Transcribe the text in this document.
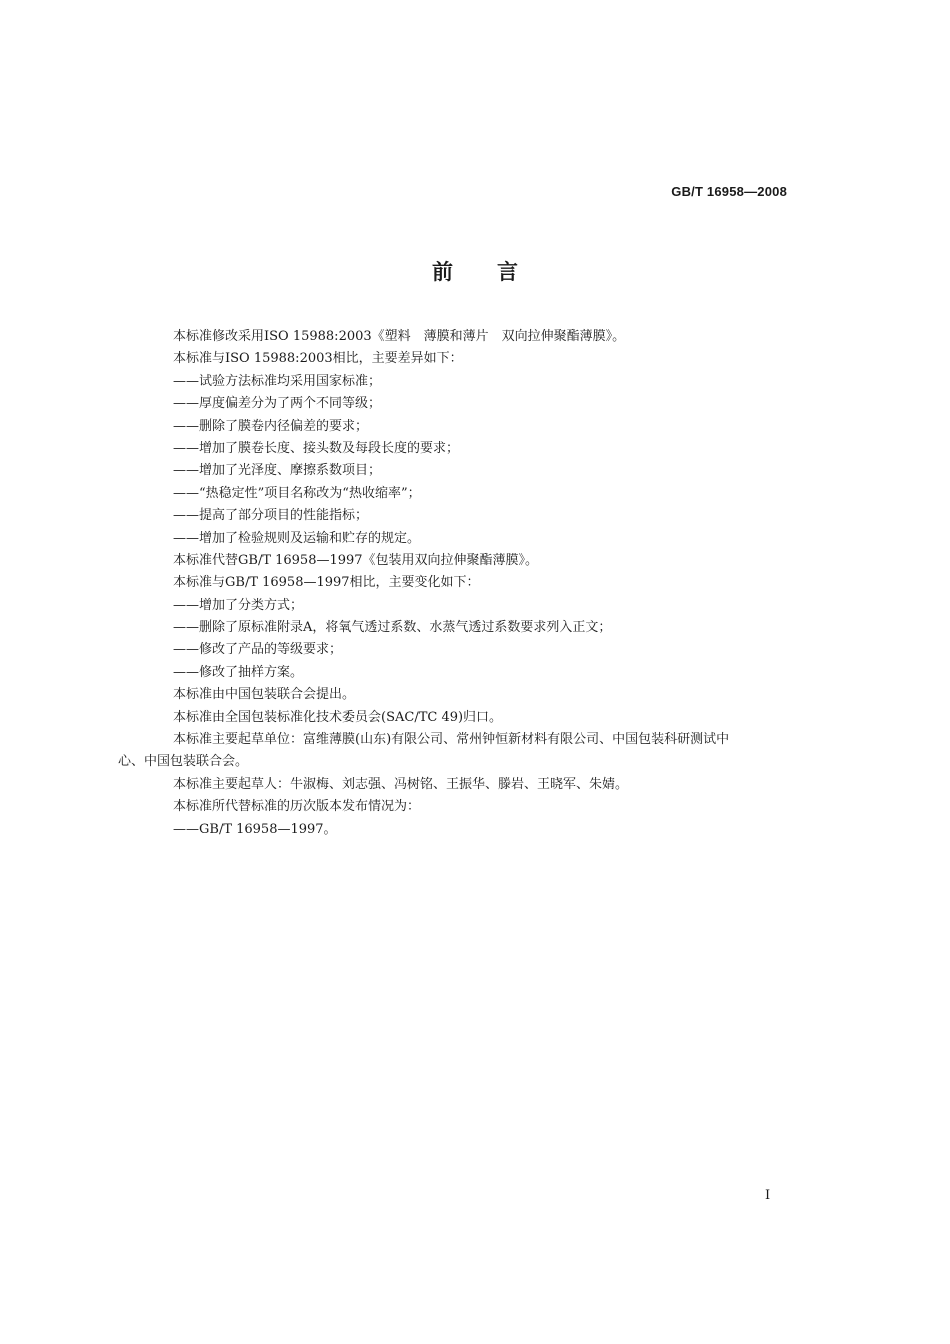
GB/T 16958—2008
前言
本标准修改采用ISO 15988:2003《塑料　薄膜和薄片　双向拉伸聚酯薄膜》。
本标准与ISO 15988:2003相比，主要差异如下：
——试验方法标准均采用国家标准；
——厚度偏差分为了两个不同等级；
——删除了膜卷内径偏差的要求；
——增加了膜卷长度、接头数及每段长度的要求；
——增加了光泽度、摩擦系数项目；
——“热稳定性”项目名称改为“热收缩率”；
——提高了部分项目的性能指标；
——增加了检验规则及运输和贮存的规定。
本标准代替GB/T 16958—1997《包装用双向拉伸聚酯薄膜》。
本标准与GB/T 16958—1997相比，主要变化如下：
——增加了分类方式；
——删除了原标准附录A，将氧气透过系数、水蒸气透过系数要求列入正文；
——修改了产品的等级要求；
——修改了抽样方案。
本标准由中国包装联合会提出。
本标准由全国包装标准化技术委员会(SAC/TC 49)归口。
本标准主要起草单位：富维薄膜(山东)有限公司、常州钟恒新材料有限公司、中国包装科研测试中
心、中国包装联合会。
本标准主要起草人：牛淑梅、刘志强、冯树铭、王振华、滕岩、王晓军、朱婧。
本标准所代替标准的历次版本发布情况为：
——GB/T 16958—1997。
I
